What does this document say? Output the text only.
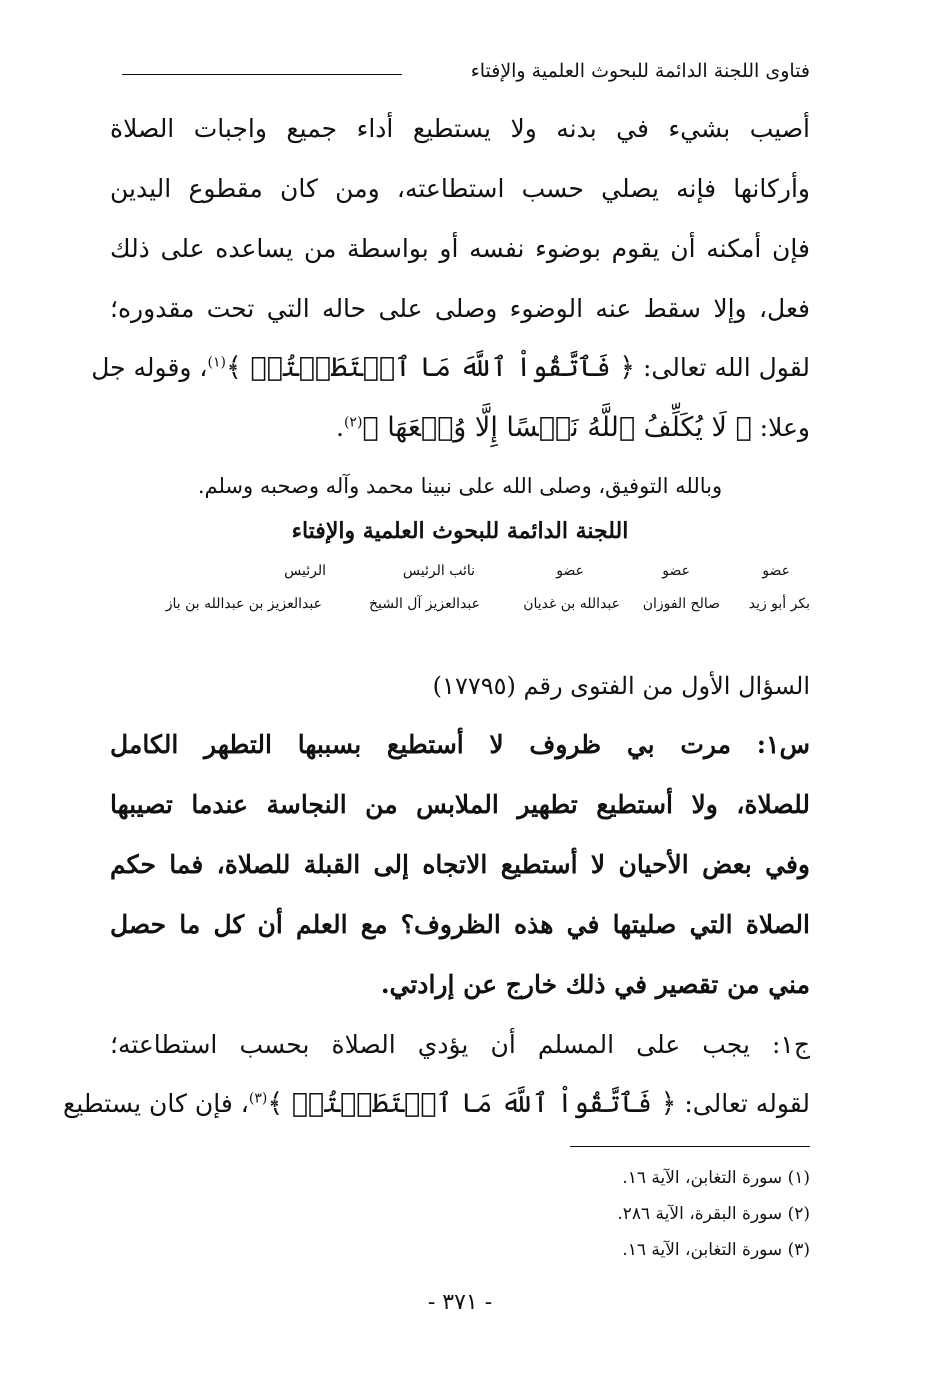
فتاوى اللجنة الدائمة للبحوث العلمية والإفتاء
أصيب بشيء في بدنه ولا يستطيع أداء جميع واجبات الصلاة
وأركانها فإنه يصلي حسب استطاعته، ومن كان مقطوع اليدين
فإن أمكنه أن يقوم بوضوء نفسه أو بواسطة من يساعده على ذلك
فعل، وإلا سقط عنه الوضوء وصلى على حاله التي تحت مقدوره؛
لقول الله تعالى: ﴿ فَٱتَّقُواْ ٱللَّهَ مَا ٱسۡتَطَعۡتُمۡ ﴾$^{(١)}$، وقوله جل
وعلا: ﴿ لَا يُكَلِّفُ ٱللَّهُ نَفۡسًا إِلَّا وُسۡعَهَا ﴾$^{(٢)}$.
وبالله التوفيق، وصلى الله على نبينا محمد وآله وصحبه وسلم.
اللجنة الدائمة للبحوث العلمية والإفتاء
عضو
عضو
عضو
نائب الرئيس
الرئيس
بكر أبو زيد
صالح الفوزان
عبدالله بن غديان
عبدالعزيز آل الشيخ
عبدالعزيز بن عبدالله بن باز
السؤال الأول من الفتوى رقم (١٧٧٩٥)
س١: مرت بي ظروف لا أستطيع بسببها التطهر الكامل
للصلاة، ولا أستطيع تطهير الملابس من النجاسة عندما تصيبها
وفي بعض الأحيان لا أستطيع الاتجاه إلى القبلة للصلاة، فما حكم
الصلاة التي صليتها في هذه الظروف؟ مع العلم أن كل ما حصل
مني من تقصير في ذلك خارج عن إرادتي.
ج١: يجب على المسلم أن يؤدي الصلاة بحسب استطاعته؛
لقوله تعالى: ﴿ فَٱتَّقُواْ ٱللَّهَ مَا ٱسۡتَطَعۡتُمۡ ﴾$^{(٣)}$، فإن كان يستطيع
(١) سورة التغابن، الآية ١٦.
(٢) سورة البقرة، الآية ٢٨٦.
(٣) سورة التغابن، الآية ١٦.
- ٣٧١ -
